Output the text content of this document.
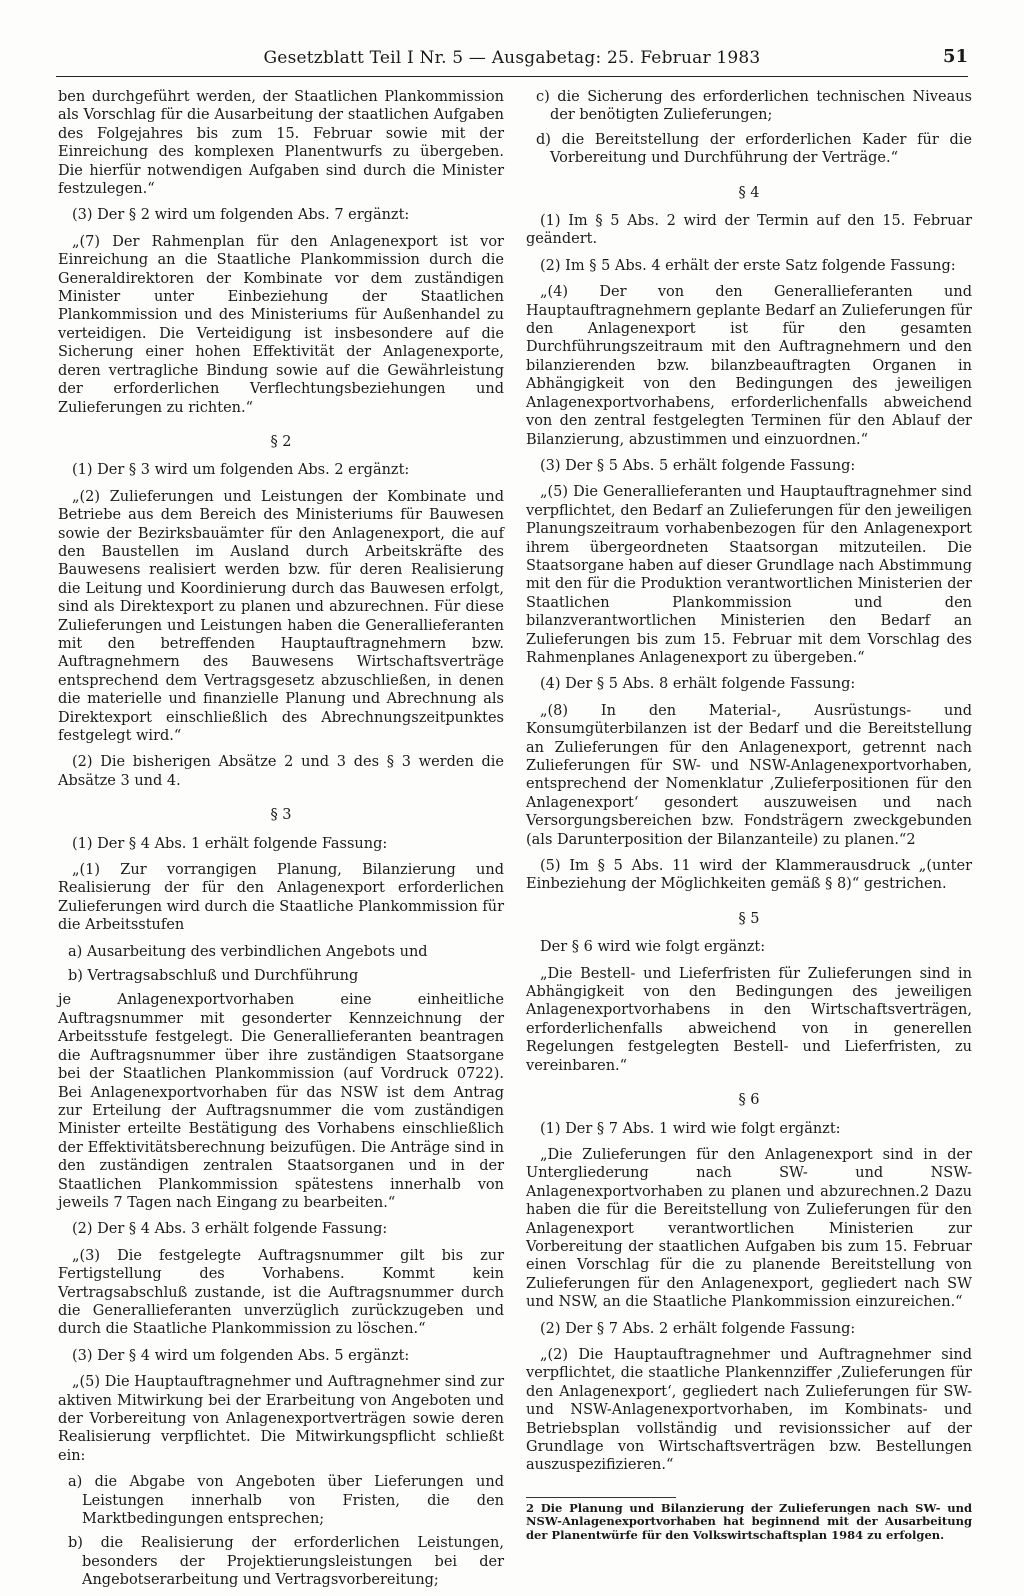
Gesetzblatt Teil I Nr. 5 — Ausgabetag: 25. Februar 1983	51

ben durchgeführt werden, der Staatlichen Plankommission als Vorschlag für die Ausarbeitung der staatlichen Aufgaben des Folgejahres bis zum 15. Februar sowie mit der Einreichung des komplexen Planentwurfs zu übergeben. Die hierfür notwendigen Aufgaben sind durch die Minister festzulegen.“

(3) Der § 2 wird um folgenden Abs. 7 ergänzt:

„(7) Der Rahmenplan für den Anlagenexport ist vor Einreichung an die Staatliche Plankommission durch die Generaldirektoren der Kombinate vor dem zuständigen Minister unter Einbeziehung der Staatlichen Plankommission und des Ministeriums für Außenhandel zu verteidigen. Die Verteidigung ist insbesondere auf die Sicherung einer hohen Effektivität der Anlagenexporte, deren vertragliche Bindung sowie auf die Gewährleistung der erforderlichen Verflechtungsbeziehungen und Zulieferungen zu richten.“

§ 2

(1) Der § 3 wird um folgenden Abs. 2 ergänzt:

„(2) Zulieferungen und Leistungen der Kombinate und Betriebe aus dem Bereich des Ministeriums für Bauwesen sowie der Bezirksbauämter für den Anlagenexport, die auf den Baustellen im Ausland durch Arbeitskräfte des Bauwesens realisiert werden bzw. für deren Realisierung die Leitung und Koordinierung durch das Bauwesen erfolgt, sind als Direktexport zu planen und abzurechnen. Für diese Zulieferungen und Leistungen haben die Generallieferanten mit den betreffenden Hauptauftragnehmern bzw. Auftragnehmern des Bauwesens Wirtschaftsverträge entsprechend dem Vertragsgesetz abzuschließen, in denen die materielle und finanzielle Planung und Abrechnung als Direktexport einschließlich des Abrechnungszeitpunktes festgelegt wird.“

(2) Die bisherigen Absätze 2 und 3 des § 3 werden die Absätze 3 und 4.

§ 3

(1) Der § 4 Abs. 1 erhält folgende Fassung:

„(1) Zur vorrangigen Planung, Bilanzierung und Realisierung der für den Anlagenexport erforderlichen Zulieferungen wird durch die Staatliche Plankommission für die Arbeitsstufen

a) Ausarbeitung des verbindlichen Angebots und
b) Vertragsabschluß und Durchführung

je Anlagenexportvorhaben eine einheitliche Auftragsnummer mit gesonderter Kennzeichnung der Arbeitsstufe festgelegt. Die Generallieferanten beantragen die Auftragsnummer über ihre zuständigen Staatsorgane bei der Staatlichen Plankommission (auf Vordruck 0722). Bei Anlagenexportvorhaben für das NSW ist dem Antrag zur Erteilung der Auftragsnummer die vom zuständigen Minister erteilte Bestätigung des Vorhabens einschließlich der Effektivitätsberechnung beizufügen. Die Anträge sind in den zuständigen zentralen Staatsorganen und in der Staatlichen Plankommission spätestens innerhalb von jeweils 7 Tagen nach Eingang zu bearbeiten.“

(2) Der § 4 Abs. 3 erhält folgende Fassung:

„(3) Die festgelegte Auftragsnummer gilt bis zur Fertigstellung des Vorhabens. Kommt kein Vertragsabschluß zustande, ist die Auftragsnummer durch die Generallieferanten unverzüglich zurückzugeben und durch die Staatliche Plankommission zu löschen.“

(3) Der § 4 wird um folgenden Abs. 5 ergänzt:

„(5) Die Hauptauftragnehmer und Auftragnehmer sind zur aktiven Mitwirkung bei der Erarbeitung von Angeboten und der Vorbereitung von Anlagenexportverträgen sowie deren Realisierung verpflichtet. Die Mitwirkungspflicht schließt ein:

a) die Abgabe von Angeboten über Lieferungen und Leistungen innerhalb von Fristen, die den Marktbedingungen entsprechen;
b) die Realisierung der erforderlichen Leistungen, besonders der Projektierungsleistungen bei der Angebotserarbeitung und Vertragsvorbereitung;
c) die Sicherung des erforderlichen technischen Niveaus der benötigten Zulieferungen;
d) die Bereitstellung der erforderlichen Kader für die Vorbereitung und Durchführung der Verträge.“
§ 4

(1) Im § 5 Abs. 2 wird der Termin auf den 15. Februar geändert.

(2) Im § 5 Abs. 4 erhält der erste Satz folgende Fassung:

„(4) Der von den Generallieferanten und Hauptauftragnehmern geplante Bedarf an Zulieferungen für den Anlagenexport ist für den gesamten Durchführungszeitraum mit den Auftragnehmern und den bilanzierenden bzw. bilanzbeauftragten Organen in Abhängigkeit von den Bedingungen des jeweiligen Anlagenexportvorhabens, erforderlichenfalls abweichend von den zentral festgelegten Terminen für den Ablauf der Bilanzierung, abzustimmen und einzuordnen.“

(3) Der § 5 Abs. 5 erhält folgende Fassung:

„(5) Die Generallieferanten und Hauptauftragnehmer sind verpflichtet, den Bedarf an Zulieferungen für den jeweiligen Planungszeitraum vorhabenbezogen für den Anlagenexport ihrem übergeordneten Staatsorgan mitzuteilen. Die Staatsorgane haben auf dieser Grundlage nach Abstimmung mit den für die Produktion verantwortlichen Ministerien der Staatlichen Plankommission und den bilanzverantwortlichen Ministerien den Bedarf an Zulieferungen bis zum 15. Februar mit dem Vorschlag des Rahmenplanes Anlagenexport zu übergeben.“

(4) Der § 5 Abs. 8 erhält folgende Fassung:

„(8) In den Material-, Ausrüstungs- und Konsumgüterbilanzen ist der Bedarf und die Bereitstellung an Zulieferungen für den Anlagenexport, getrennt nach Zulieferungen für SW- und NSW-Anlagenexportvorhaben, entsprechend der Nomenklatur ‚Zulieferpositionen für den Anlagenexport‘ gesondert auszuweisen und nach Versorgungsbereichen bzw. Fondsträgern zweckgebunden (als Darunterposition der Bilanzanteile) zu planen.“2

(5) Im § 5 Abs. 11 wird der Klammerausdruck „(unter Einbeziehung der Möglichkeiten gemäß § 8)“ gestrichen.

§ 5

Der § 6 wird wie folgt ergänzt:

„Die Bestell- und Lieferfristen für Zulieferungen sind in Abhängigkeit von den Bedingungen des jeweiligen Anlagenexportvorhabens in den Wirtschaftsverträgen, erforderlichenfalls abweichend von in generellen Regelungen festgelegten Bestell- und Lieferfristen, zu vereinbaren.“

§ 6

(1) Der § 7 Abs. 1 wird wie folgt ergänzt:

„Die Zulieferungen für den Anlagenexport sind in der Untergliederung nach SW- und NSW-Anlagenexportvorhaben zu planen und abzurechnen.2 Dazu haben die für die Bereitstellung von Zulieferungen für den Anlagenexport verantwortlichen Ministerien zur Vorbereitung der staatlichen Aufgaben bis zum 15. Februar einen Vorschlag für die zu planende Bereitstellung von Zulieferungen für den Anlagenexport, gegliedert nach SW und NSW, an die Staatliche Plankommission einzureichen.“

(2) Der § 7 Abs. 2 erhält folgende Fassung:

„(2) Die Hauptauftragnehmer und Auftragnehmer sind verpflichtet, die staatliche Plankennziffer ‚Zulieferungen für den Anlagenexport‘, gegliedert nach Zulieferungen für SW- und NSW-Anlagenexportvorhaben, im Kombinats- und Betriebsplan vollständig und revisionssicher auf der Grundlage von Wirtschaftsverträgen bzw. Bestellungen auszuspezifizieren.“

2 Die Planung und Bilanzierung der Zulieferungen nach SW- und NSW-Anlagenexportvorhaben hat beginnend mit der Ausarbeitung der Planentwürfe für den Volkswirtschaftsplan 1984 zu erfolgen.
